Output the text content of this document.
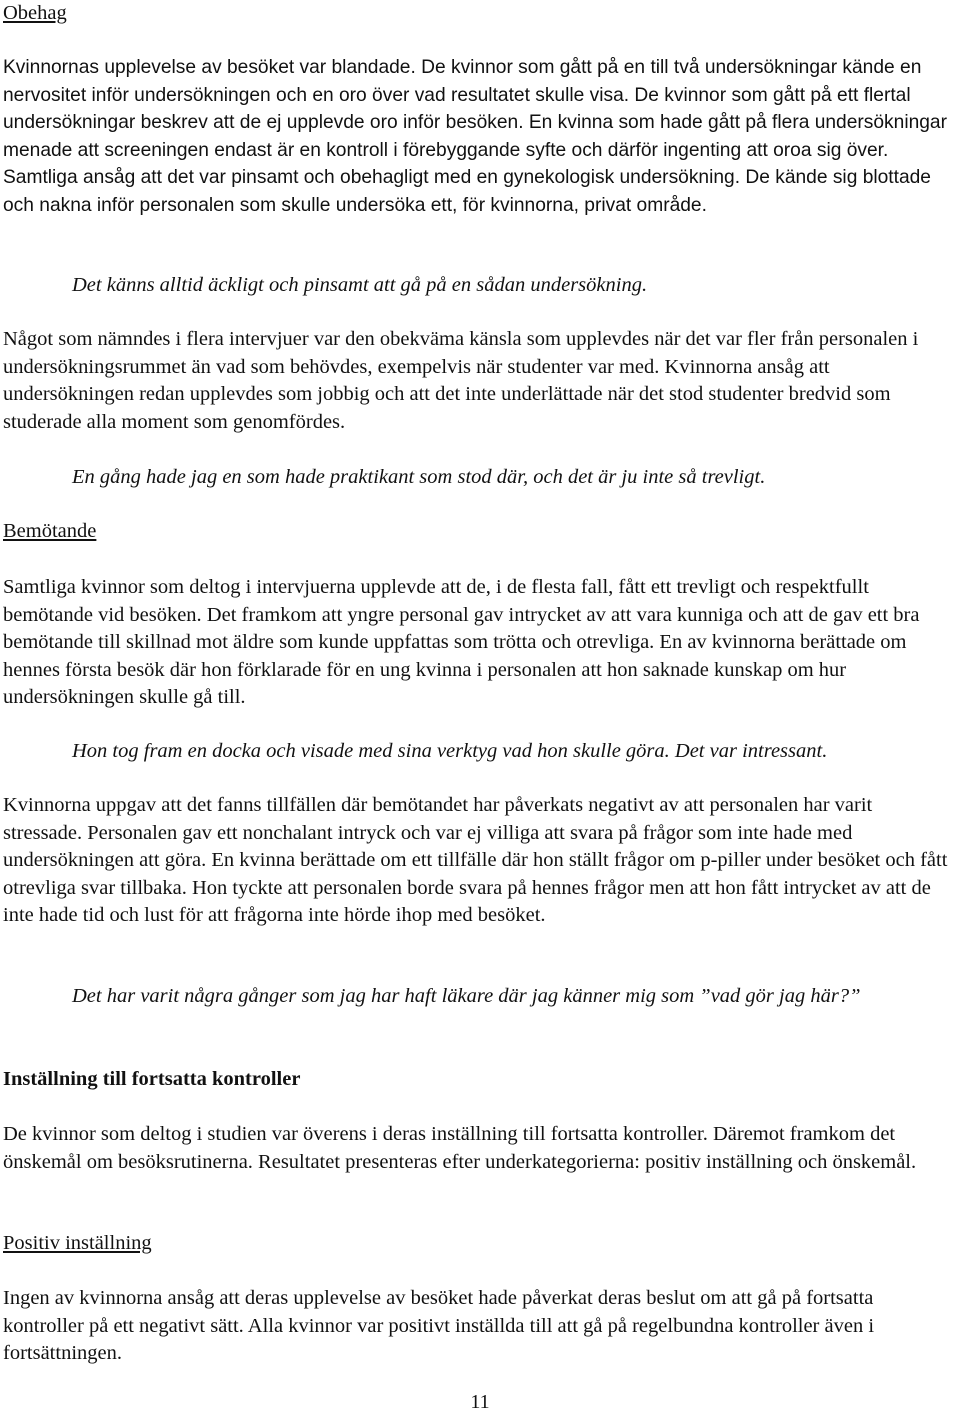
Obehag

Kvinnornas upplevelse av besöket var blandade. De kvinnor som gått på en till två undersökningar kände en nervositet inför undersökningen och en oro över vad resultatet skulle visa. De kvinnor som gått på ett flertal undersökningar beskrev att de ej upplevde oro inför besöken. En kvinna som hade gått på flera undersökningar menade att screeningen endast är en kontroll i förebyggande syfte och därför ingenting att oroa sig över. Samtliga ansåg att det var pinsamt och obehagligt med en gynekologisk undersökning. De kände sig blottade och nakna inför personalen som skulle undersöka ett, för kvinnorna, privat område.

Det känns alltid äckligt och pinsamt att gå på en sådan undersökning.

Något som nämndes i flera intervjuer var den obekväma känsla som upplevdes när det var fler från personalen i undersökningsrummet än vad som behövdes, exempelvis när studenter var med. Kvinnorna ansåg att undersökningen redan upplevdes som jobbig och att det inte underlättade när det stod studenter bredvid som studerade alla moment som genomfördes.

En gång hade jag en som hade praktikant som stod där, och det är ju inte så trevligt.

Bemötande

Samtliga kvinnor som deltog i intervjuerna upplevde att de, i de flesta fall, fått ett trevligt och respektfullt bemötande vid besöken. Det framkom att yngre personal gav intrycket av att vara kunniga och att de gav ett bra bemötande till skillnad mot äldre som kunde uppfattas som trötta och otrevliga. En av kvinnorna berättade om hennes första besök där hon förklarade för en ung kvinna i personalen att hon saknade kunskap om hur undersökningen skulle gå till.

Hon tog fram en docka och visade med sina verktyg vad hon skulle göra. Det var intressant.

Kvinnorna uppgav att det fanns tillfällen där bemötandet har påverkats negativt av att personalen har varit stressade. Personalen gav ett nonchalant intryck och var ej villiga att svara på frågor som inte hade med undersökningen att göra. En kvinna berättade om ett tillfälle där hon ställt frågor om p-piller under besöket och fått otrevliga svar tillbaka. Hon tyckte att personalen borde svara på hennes frågor men att hon fått intrycket av att de inte hade tid och lust för att frågorna inte hörde ihop med besöket.

Det har varit några gånger som jag har haft läkare där jag känner mig som ”vad gör jag här?”

Inställning till fortsatta kontroller

De kvinnor som deltog i studien var överens i deras inställning till fortsatta kontroller. Däremot framkom det önskemål om besöksrutinerna. Resultatet presenteras efter underkategorierna: positiv inställning och önskemål.

Positiv inställning

Ingen av kvinnorna ansåg att deras upplevelse av besöket hade påverkat deras beslut om att gå på fortsatta kontroller på ett negativt sätt. Alla kvinnor var positivt inställda till att gå på regelbundna kontroller även i fortsättningen.

11
